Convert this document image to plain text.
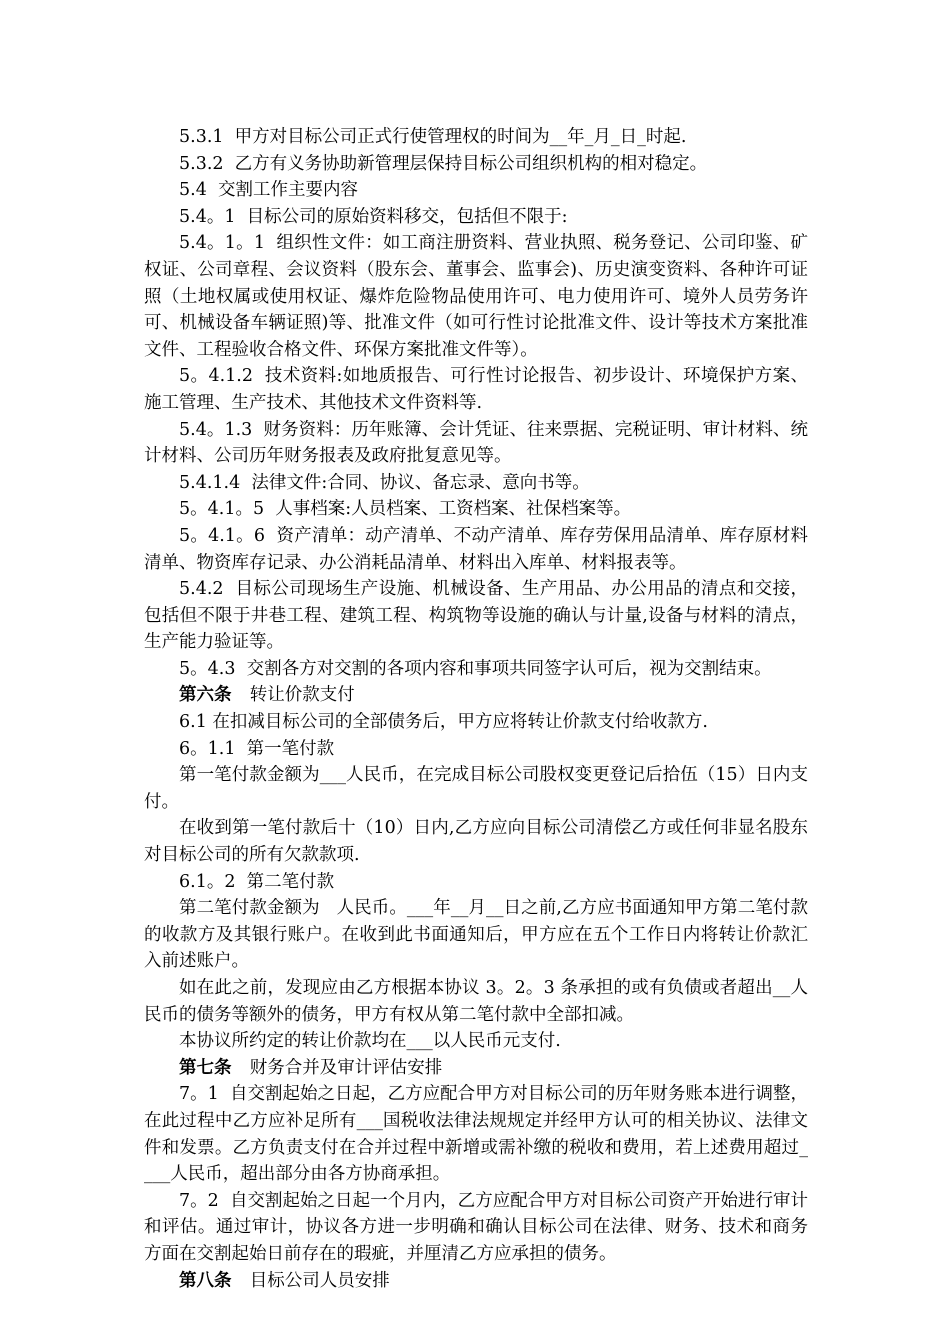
5.3.1  甲方对目标公司正式行使管理权的时间为__年_月_日_时起.

5.3.2  乙方有义务协助新管理层保持目标公司组织机构的相对稳定。

5.4  交割工作主要内容

5.4。1  目标公司的原始资料移交，包括但不限于:

5.4。1。1  组织性文件：如工商注册资料、营业执照、税务登记、公司印鉴、矿权证、公司章程、会议资料（股东会、董事会、监事会)、历史演变资料、各种许可证照（土地权属或使用权证、爆炸危险物品使用许可、电力使用许可、境外人员劳务许可、机械设备车辆证照)等、批准文件（如可行性讨论批准文件、设计等技术方案批准文件、工程验收合格文件、环保方案批准文件等）。

5。4.1.2  技术资料:如地质报告、可行性讨论报告、初步设计、环境保护方案、施工管理、生产技术、其他技术文件资料等.

5.4。1.3  财务资料：历年账簿、会计凭证、往来票据、完税证明、审计材料、统计材料、公司历年财务报表及政府批复意见等。

5.4.1.4  法律文件:合同、协议、备忘录、意向书等。

5。4.1。5  人事档案:人员档案、工资档案、社保档案等。

5。4.1。6  资产清单：动产清单、不动产清单、库存劳保用品清单、库存原材料清单、物资库存记录、办公消耗品清单、材料出入库单、材料报表等。

5.4.2  目标公司现场生产设施、机械设备、生产用品、办公用品的清点和交接，包括但不限于井巷工程、建筑工程、构筑物等设施的确认与计量,设备与材料的清点，生产能力验证等。

5。4.3  交割各方对交割的各项内容和事项共同签字认可后，视为交割结束。

第六条 转让价款支付

6.1 在扣减目标公司的全部债务后，甲方应将转让价款支付给收款方.

6。1.1  第一笔付款

第一笔付款金额为___人民币，在完成目标公司股权变更登记后拾伍（15）日内支付。

在收到第一笔付款后十（10）日内,乙方应向目标公司清偿乙方或任何非显名股东对目标公司的所有欠款款项.

6.1。2  第二笔付款

第二笔付款金额为   人民币。___年__月__日之前,乙方应书面通知甲方第二笔付款的收款方及其银行账户。在收到此书面通知后，甲方应在五个工作日内将转让价款汇入前述账户。

如在此之前，发现应由乙方根据本协议 3。2。3 条承担的或有负债或者超出__人民币的债务等额外的债务，甲方有权从第二笔付款中全部扣减。

本协议所约定的转让价款均在___以人民币元支付.

第七条 财务合并及审计评估安排

7。1  自交割起始之日起，乙方应配合甲方对目标公司的历年财务账本进行调整，在此过程中乙方应补足所有___国税收法律法规规定并经甲方认可的相关协议、法律文件和发票。乙方负责支付在合并过程中新增或需补缴的税收和费用，若上述费用超过____人民币，超出部分由各方协商承担。

7。2  自交割起始之日起一个月内，乙方应配合甲方对目标公司资产开始进行审计和评估。通过审计，协议各方进一步明确和确认目标公司在法律、财务、技术和商务方面在交割起始日前存在的瑕疵，并厘清乙方应承担的债务。

第八条 目标公司人员安排
